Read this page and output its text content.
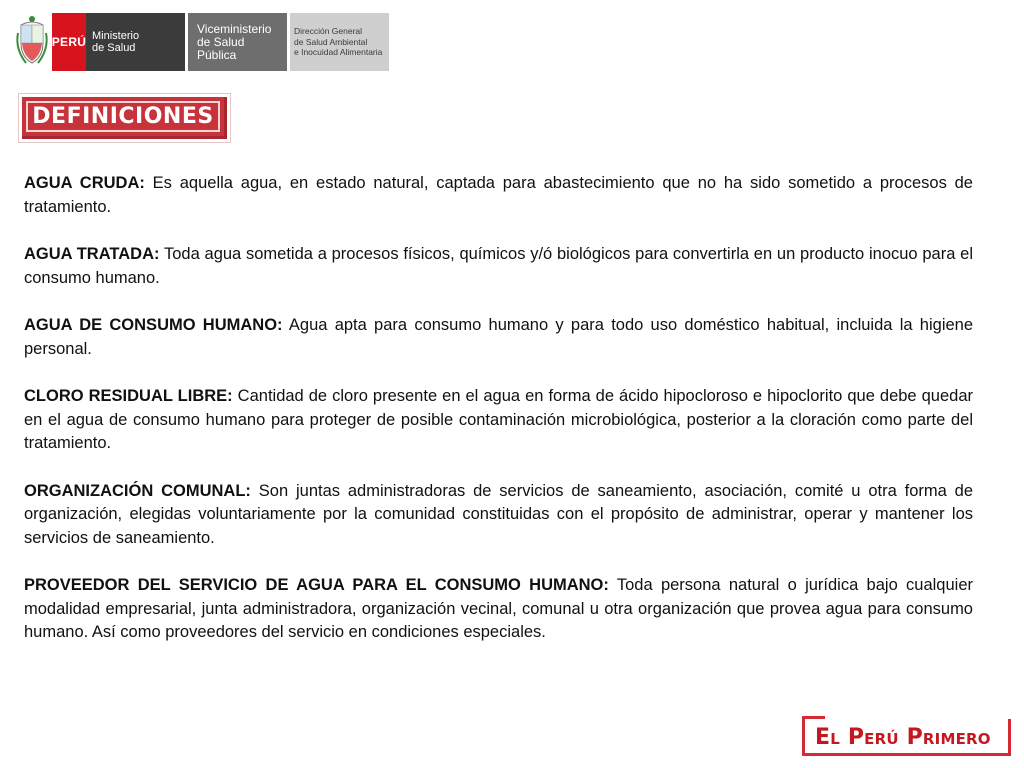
PERÚ Ministerio
de Salud
Viceministerio
de Salud Pública
Dirección General
de Salud Ambiental
e Inocuidad Alimentaria
DEFINICIONES

AGUA CRUDA: Es aquella agua, en estado natural, captada para abastecimiento que no ha sido sometido a procesos de tratamiento.

AGUA TRATADA: Toda agua sometida a procesos físicos, químicos y/ó biológicos para convertirla en un producto inocuo para el consumo humano.

AGUA DE CONSUMO HUMANO: Agua apta para consumo humano y para todo uso doméstico habitual, incluida la higiene personal.

CLORO RESIDUAL LIBRE: Cantidad de cloro presente en el agua en forma de ácido hipocloroso e hipoclorito que debe quedar en el agua de consumo humano para proteger de posible contaminación microbiológica, posterior a la cloración como parte del tratamiento.

ORGANIZACIÓN COMUNAL: Son juntas administradoras de servicios de saneamiento, asociación, comité u otra forma de organización, elegidas voluntariamente por la comunidad constituidas con el propósito de administrar, operar y mantener los servicios de saneamiento.

PROVEEDOR DEL SERVICIO DE AGUA PARA EL CONSUMO HUMANO: Toda persona natural o jurídica bajo cualquier modalidad empresarial, junta administradora, organización vecinal, comunal u otra organización que provea agua para consumo humano. Así como proveedores del servicio en condiciones especiales.

El Perú Primero
